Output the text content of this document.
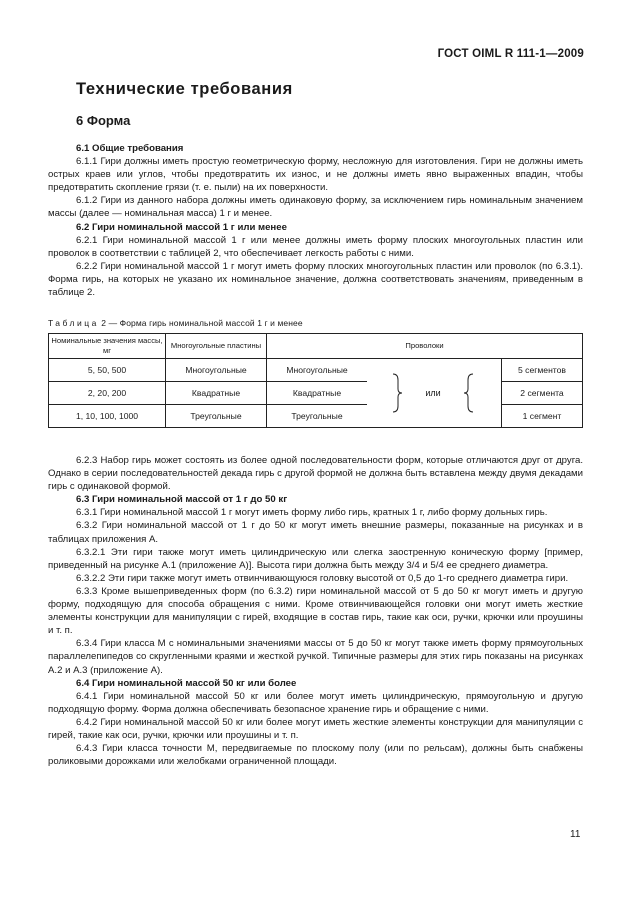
ГОСТ OIML R 111-1—2009
Технические требования
6 Форма

6.1 Общие требования

6.1.1 Гири должны иметь простую геометрическую форму, несложную для изготовления. Гири не должны иметь острых краев или углов, чтобы предотвратить их износ, и не должны иметь явно выраженных впадин, чтобы предотвратить скопление грязи (т. е. пыли) на их поверхности.

6.1.2 Гири из данного набора должны иметь одинаковую форму, за исключением гирь номинальным значением массы (далее — номинальная масса) 1 г и менее.

6.2 Гири номинальной массой 1 г или менее

6.2.1 Гири номинальной массой 1 г или менее должны иметь форму плоских многоугольных пластин или проволок в соответствии с таблицей 2, что обеспечивает легкость работы с ними.

6.2.2 Гири номинальной массой 1 г могут иметь форму плоских многоугольных пластин или проволок (по 6.3.1). Форма гирь, на которых не указано их номинальное значение, должна соответствовать значениям, приведенным в таблице 2.

Таблица 2 — Форма гирь номинальной массой 1 г и менее
Номинальные значения массы, мг	Многоугольные пластины	Проволоки		
5, 50, 500	Многоугольные	Многоугольные	или	5 сегментов
2, 20, 200	Квадратные	Квадратные		2 сегмента
1, 10, 100, 1000	Треугольные	Треугольные		1 сегмент

6.2.3 Набор гирь может состоять из более одной последовательности форм, которые отличаются друг от друга. Однако в серии последовательностей декада гирь с другой формой не должна быть вставлена между двумя декадами гирь с одинаковой формой.

6.3 Гири номинальной массой от 1 г до 50 кг

6.3.1 Гири номинальной массой 1 г могут иметь форму либо гирь, кратных 1 г, либо форму дольных гирь.

6.3.2 Гири номинальной массой от 1 г до 50 кг могут иметь внешние размеры, показанные на рисунках и в таблицах приложения А.

6.3.2.1 Эти гири также могут иметь цилиндрическую или слегка заостренную коническую форму [пример, приведенный на рисунке А.1 (приложение А)]. Высота гири должна быть между 3/4 и 5/4 ее среднего диаметра.

6.3.2.2 Эти гири также могут иметь отвинчивающуюся головку высотой от 0,5 до 1-го среднего диаметра гири.

6.3.3 Кроме вышеприведенных форм (по 6.3.2) гири номинальной массой от 5 до 50 кг могут иметь и другую форму, подходящую для способа обращения с ними. Кроме отвинчивающейся головки они могут иметь жесткие элементы конструкции для манипуляции с гирей, входящие в состав гирь, такие как оси, ручки, крючки или проушины и т. п.

6.3.4 Гири класса М с номинальными значениями массы от 5 до 50 кг могут также иметь форму прямоугольных параллелепипедов со скругленными краями и жесткой ручкой. Типичные размеры для этих гирь показаны на рисунках А.2 и А.3 (приложение А).

6.4 Гири номинальной массой 50 кг или более

6.4.1 Гири номинальной массой 50 кг или более могут иметь цилиндрическую, прямоугольную и другую подходящую форму. Форма должна обеспечивать безопасное хранение гирь и обращение с ними.

6.4.2 Гири номинальной массой 50 кг или более могут иметь жесткие элементы конструкции для манипуляции с гирей, такие как оси, ручки, крючки или проушины и т. п.

6.4.3 Гири класса точности М, передвигаемые по плоскому полу (или по рельсам), должны быть снабжены роликовыми дорожками или желобками ограниченной площади.

11
